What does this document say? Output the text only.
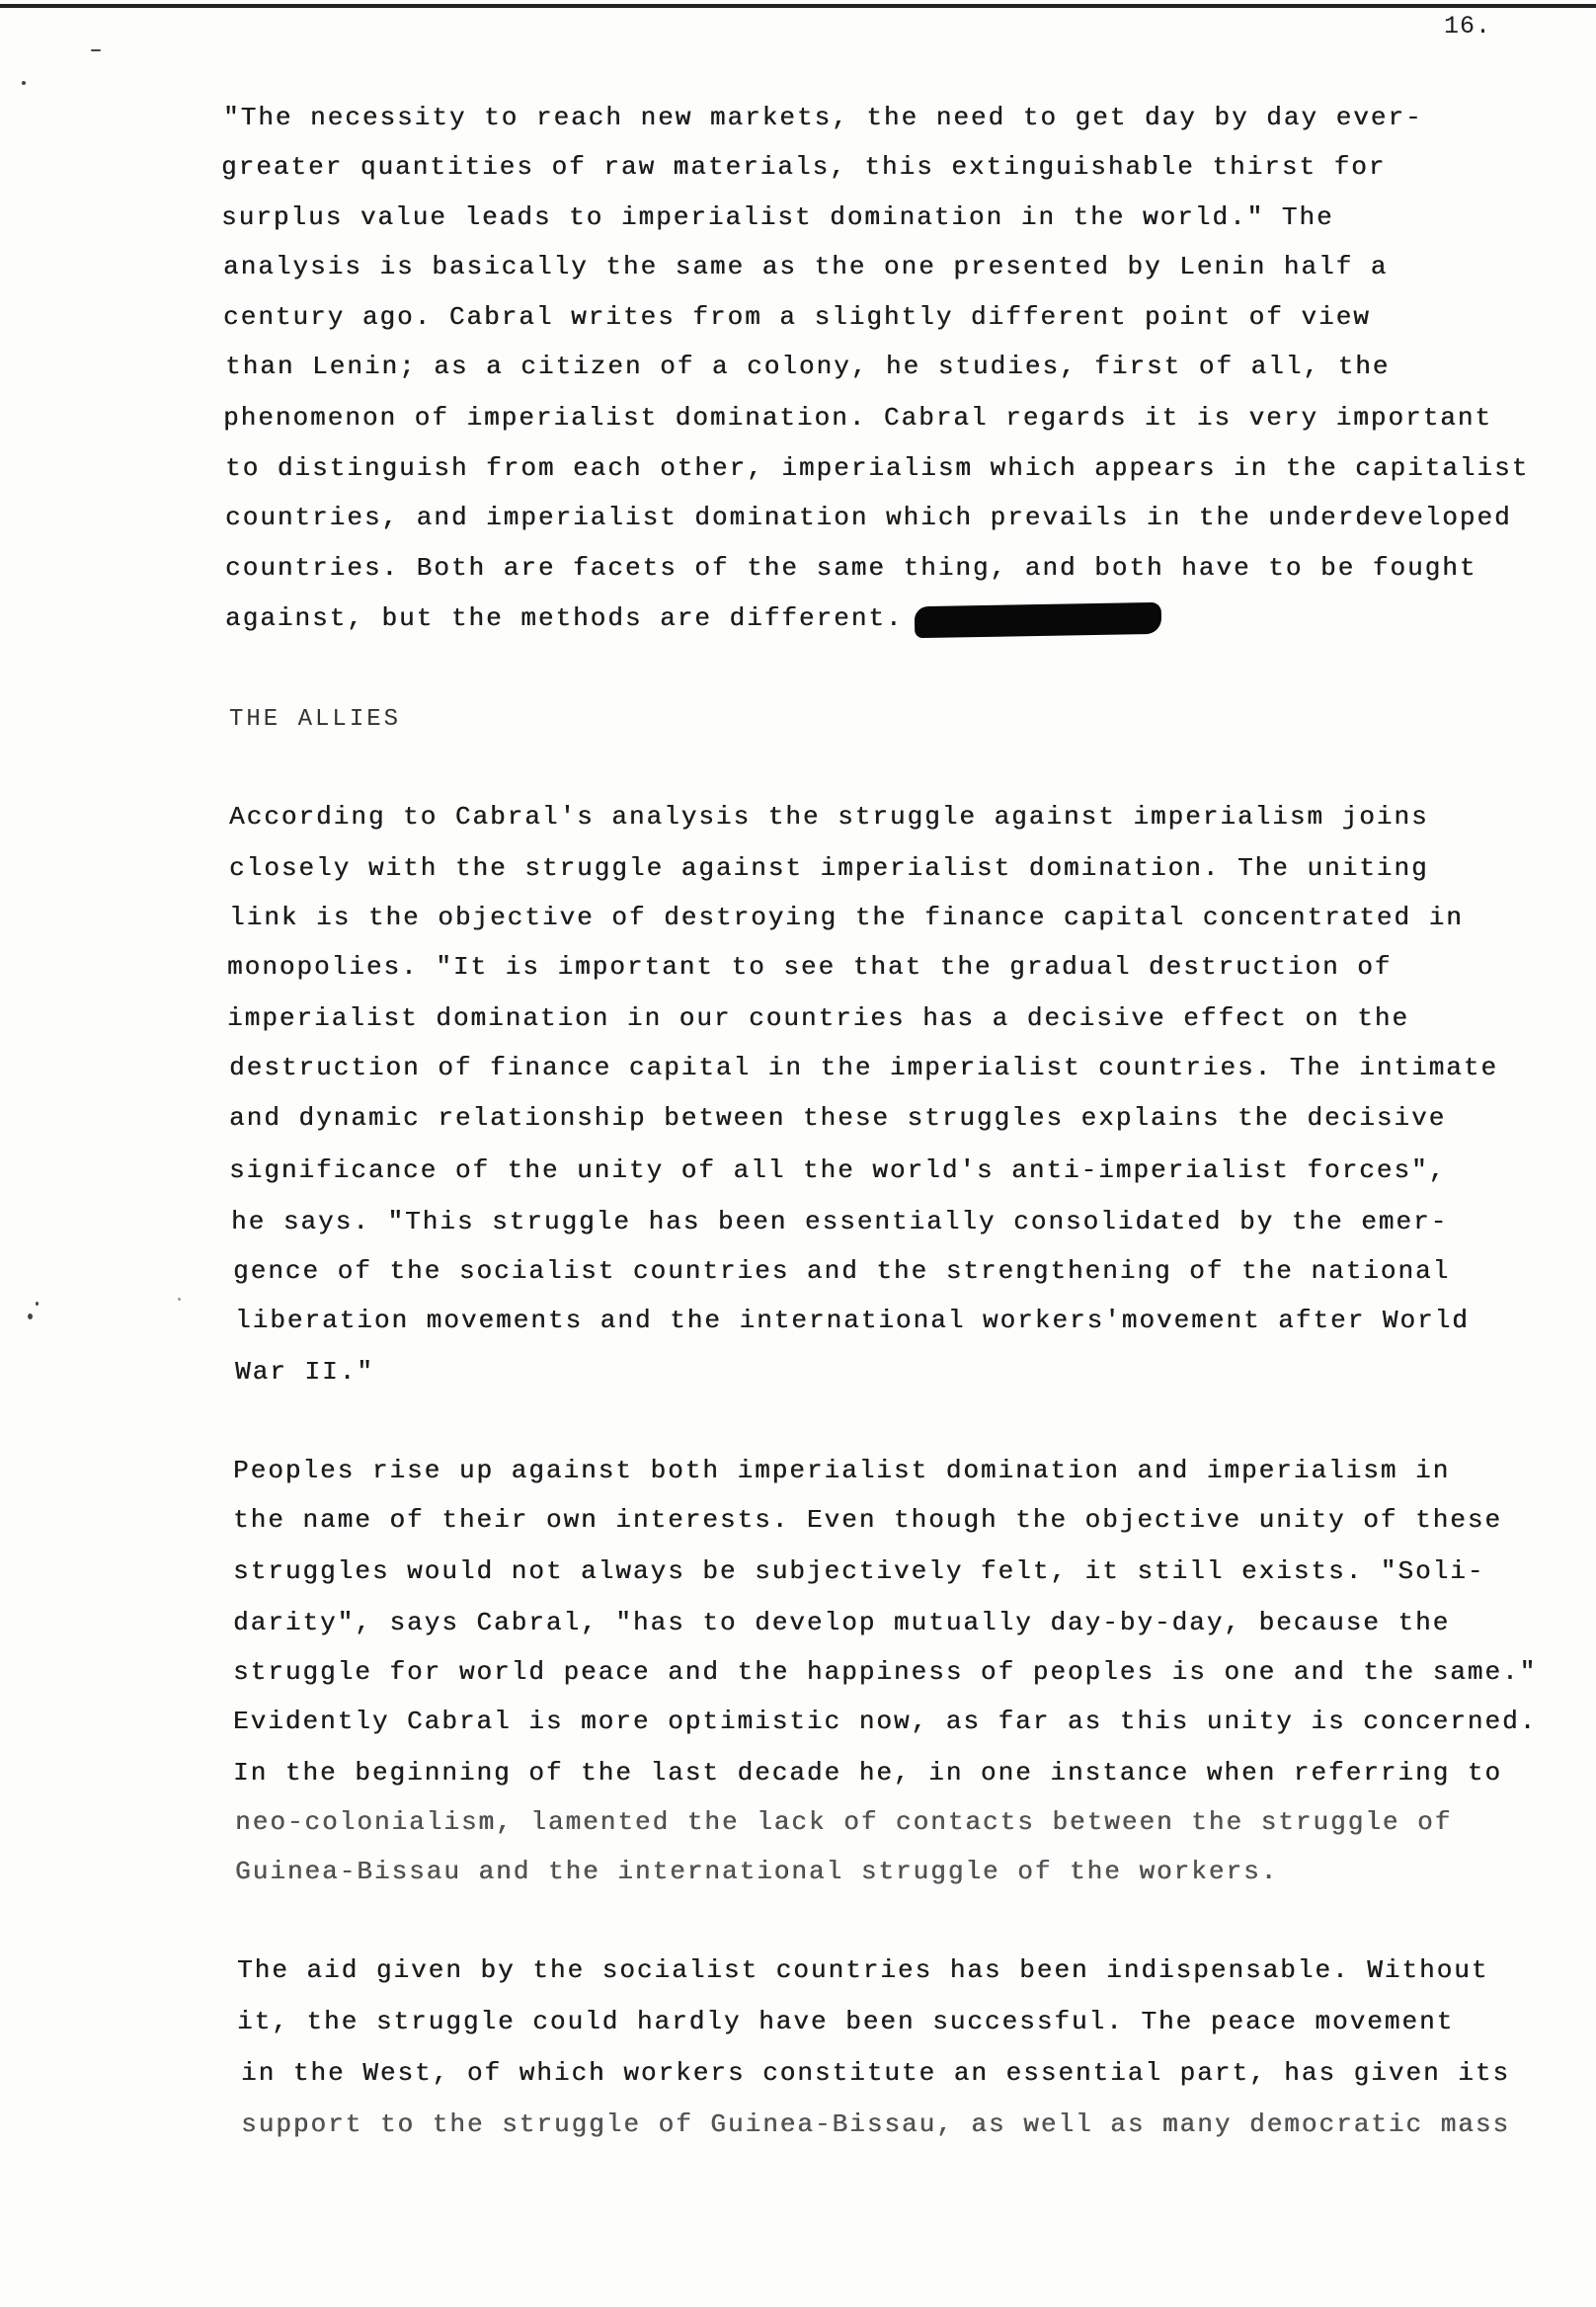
16.
"The necessity to reach new markets, the need to get day by day ever-
greater quantities of raw materials, this extinguishable thirst for
surplus value leads to imperialist domination in the world." The
analysis is basically the same as the one presented by Lenin half a
century ago. Cabral writes from a slightly different point of view
than Lenin; as a citizen of a colony, he studies, first of all, the
phenomenon of imperialist domination. Cabral regards it is very important
to distinguish from each other, imperialism which appears in the capitalist
countries, and imperialist domination which prevails in the underdeveloped
countries. Both are facets of the same thing, and both have to be fought
against, but the methods are different.
THE ALLIES
According to Cabral's analysis the struggle against imperialism joins
closely with the struggle against imperialist domination. The uniting
link is the objective of destroying the finance capital concentrated in
monopolies. "It is important to see that the gradual destruction of
imperialist domination in our countries has a decisive effect on the
destruction of finance capital in the imperialist countries. The intimate
and dynamic relationship between these struggles explains the decisive
significance of the unity of all the world's anti-imperialist forces",
he says. "This struggle has been essentially consolidated by the emer-
gence of the socialist countries and the strengthening of the national
liberation movements and the international workers'movement after World
War II."
Peoples rise up against both imperialist domination and imperialism in
the name of their own interests. Even though the objective unity of these
struggles would not always be subjectively felt, it still exists. "Soli-
darity", says Cabral, "has to develop mutually day-by-day, because the
struggle for world peace and the happiness of peoples is one and the same."
Evidently Cabral is more optimistic now, as far as this unity is concerned.
In the beginning of the last decade he, in one instance when referring to
neo-colonialism, lamented the lack of contacts between the struggle of
Guinea-Bissau and the international struggle of the workers.
The aid given by the socialist countries has been indispensable. Without
it, the struggle could hardly have been successful. The peace movement
in the West, of which workers constitute an essential part, has given its
support to the struggle of Guinea-Bissau, as well as many democratic mass
